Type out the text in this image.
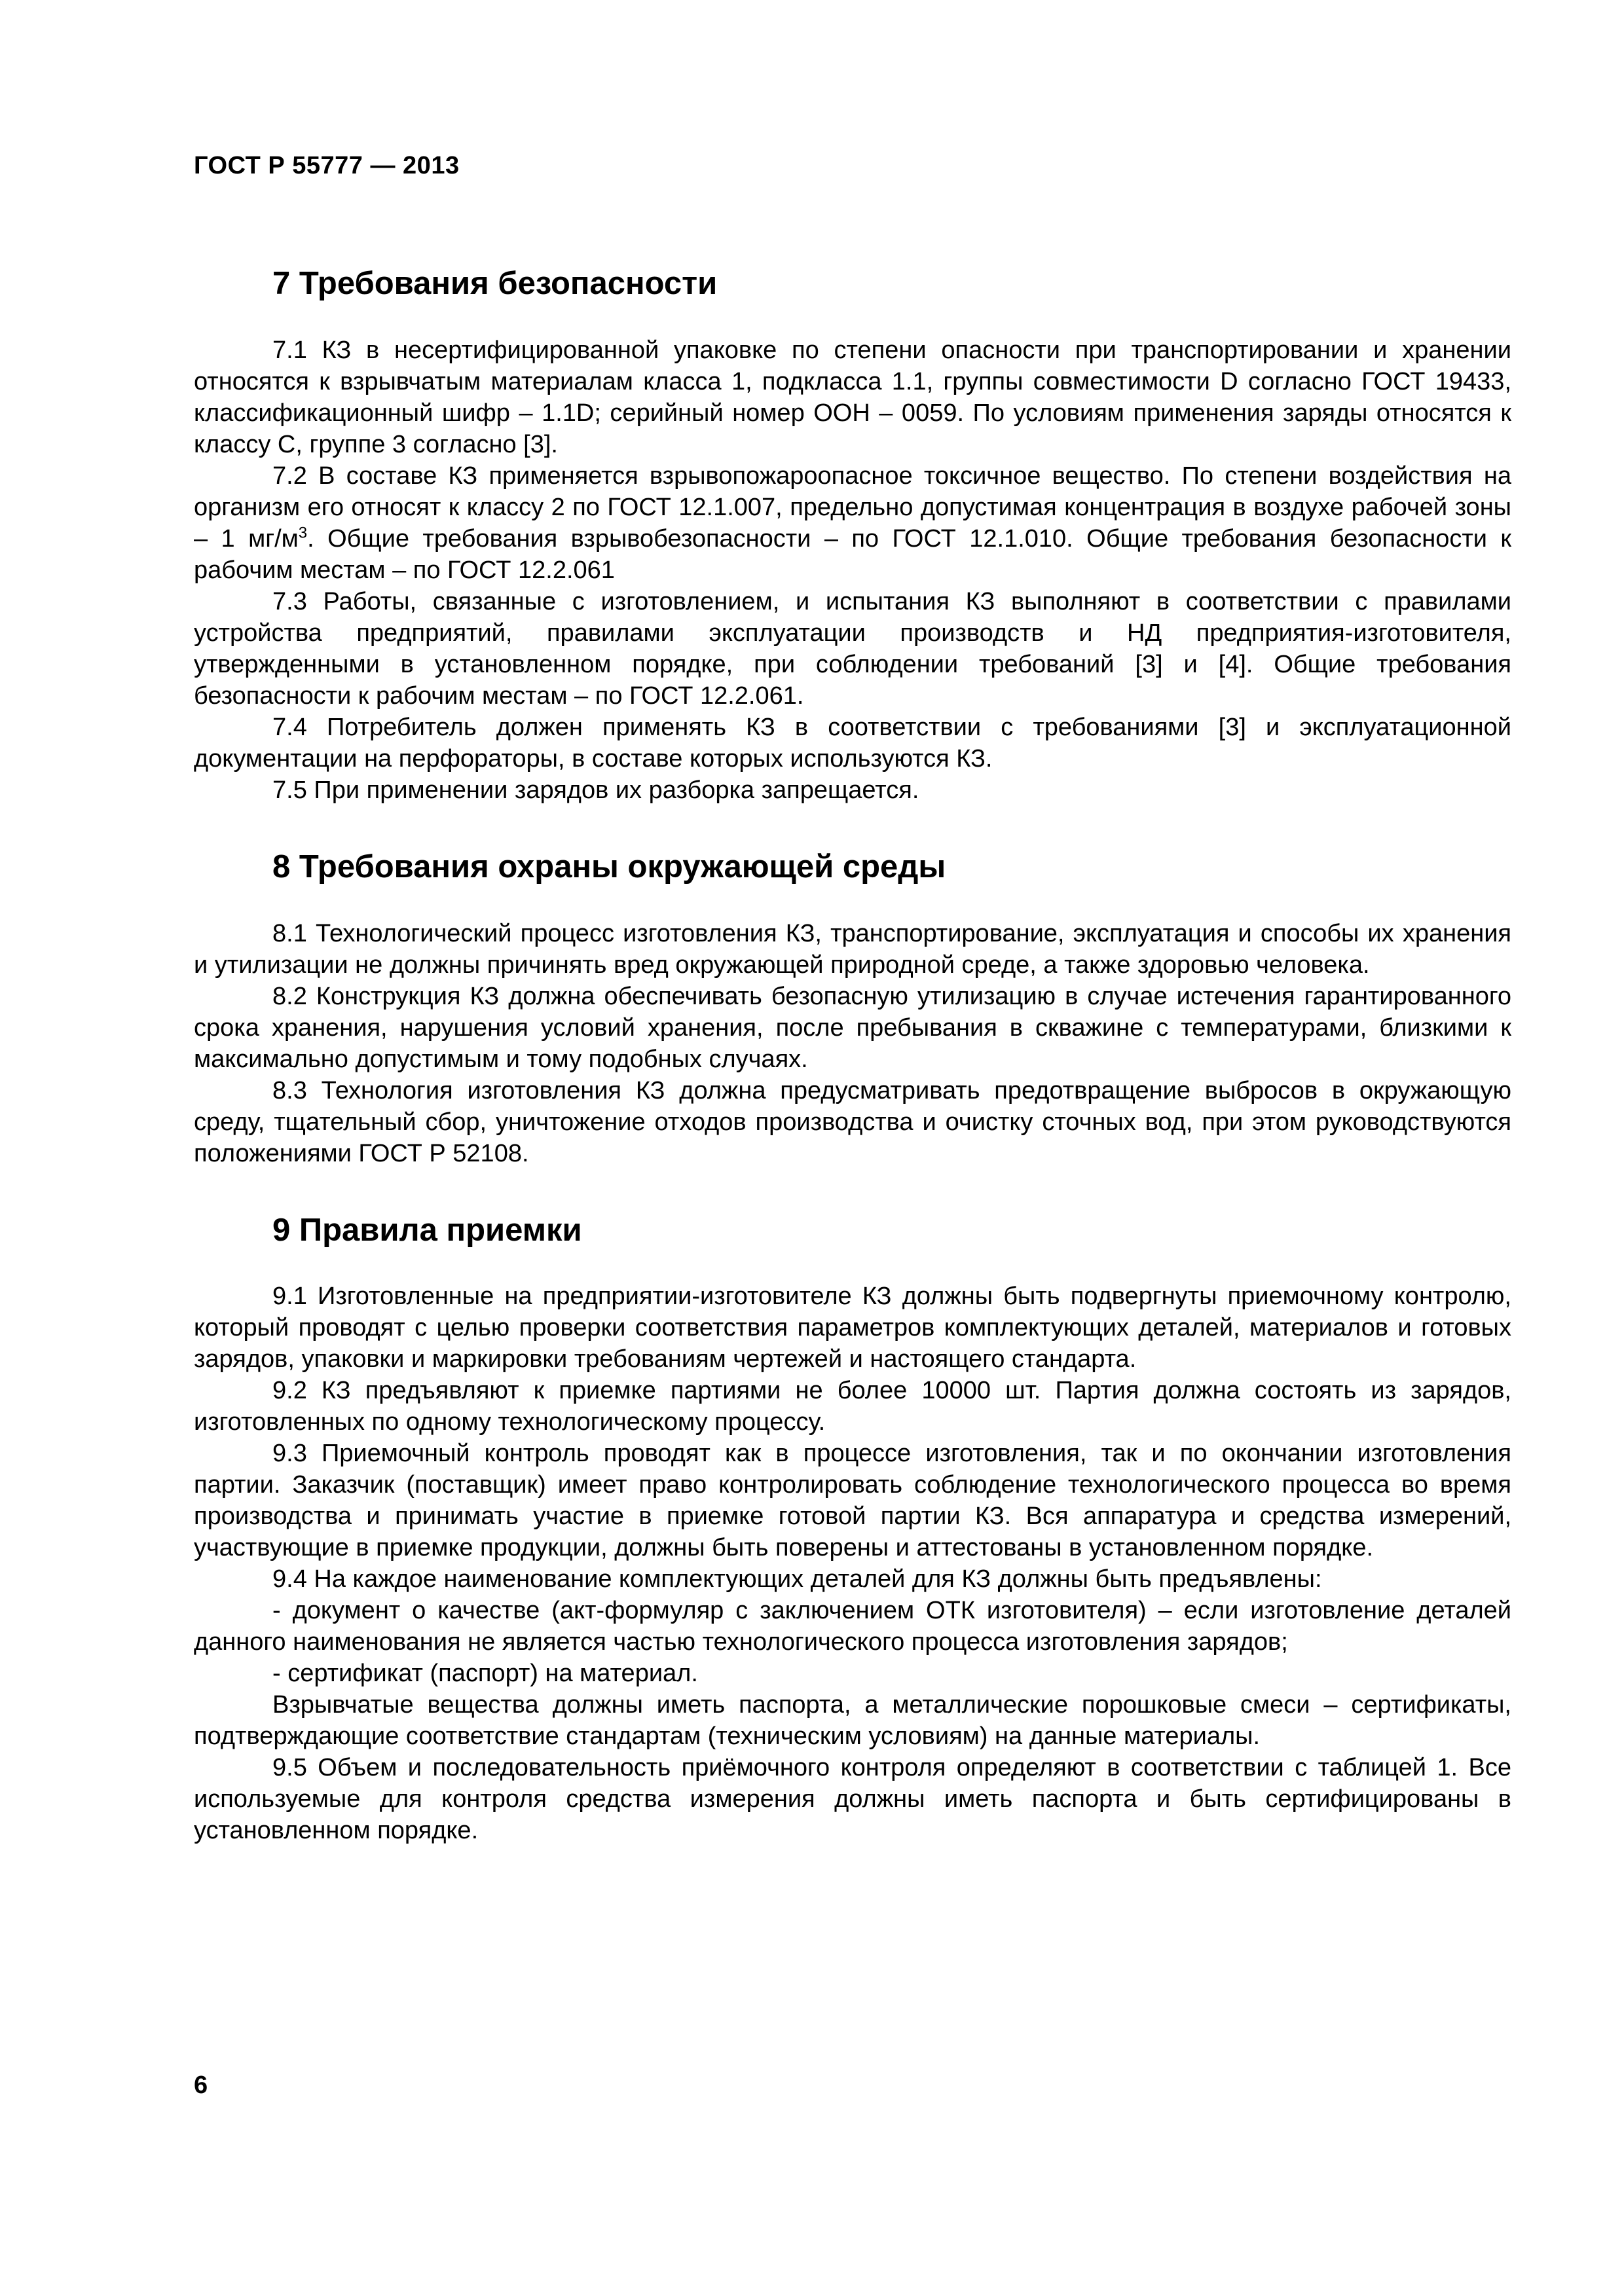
ГОСТ Р 55777 — 2013
7 Требования безопасности

7.1 КЗ в несертифицированной упаковке по степени опасности при транспортировании и хранении относятся к взрывчатым материалам класса 1, подкласса 1.1, группы совместимости D согласно ГОСТ 19433, классификационный шифр – 1.1D; серийный номер ООН – 0059. По условиям применения заряды относятся к классу С, группе 3 согласно [3].

7.2 В составе КЗ применяется взрывопожароопасное токсичное вещество. По степени воздействия на организм его относят к классу 2 по ГОСТ 12.1.007, предельно допустимая концентрация в воздухе рабочей зоны – 1 $мг/м^3$. Общие требования взрывобезопасности – по ГОСТ 12.1.010. Общие требования безопасности к рабочим местам – по ГОСТ 12.2.061

7.3 Работы, связанные с изготовлением, и испытания КЗ выполняют в соответствии с правилами устройства предприятий, правилами эксплуатации производств и НД предприятия-изготовителя, утвержденными в установленном порядке, при соблюдении требований [3] и [4]. Общие требования безопасности к рабочим местам – по ГОСТ 12.2.061.

7.4 Потребитель должен применять КЗ в соответствии с требованиями [3] и эксплуатационной документации на перфораторы, в составе которых используются КЗ.

7.5 При применении зарядов их разборка запрещается.

8 Требования охраны окружающей среды

8.1 Технологический процесс изготовления КЗ, транспортирование, эксплуатация и способы их хранения и утилизации не должны причинять вред окружающей природной среде, а также здоровью человека.

8.2 Конструкция КЗ должна обеспечивать безопасную утилизацию в случае истечения гарантированного срока хранения, нарушения условий хранения, после пребывания в скважине с температурами, близкими к максимально допустимым и тому подобных случаях.

8.3 Технология изготовления КЗ должна предусматривать предотвращение выбросов в окружающую среду, тщательный сбор, уничтожение отходов производства и очистку сточных вод, при этом руководствуются положениями ГОСТ Р 52108.

9 Правила приемки

9.1 Изготовленные на предприятии-изготовителе КЗ должны быть подвергнуты приемочному контролю, который проводят с целью проверки соответствия параметров комплектующих деталей, материалов и готовых зарядов, упаковки и маркировки требованиям чертежей и настоящего стандарта.

9.2 КЗ предъявляют к приемке партиями не более 10000 шт. Партия должна состоять из зарядов, изготовленных по одному технологическому процессу.

9.3 Приемочный контроль проводят как в процессе изготовления, так и по окончании изготовления партии. Заказчик (поставщик) имеет право контролировать соблюдение технологического процесса во время производства и принимать участие в приемке готовой партии КЗ. Вся аппаратура и средства измерений, участвующие в приемке продукции, должны быть поверены и аттестованы в установленном порядке.

9.4 На каждое наименование комплектующих деталей для КЗ должны быть предъявлены:

- документ о качестве (акт-формуляр с заключением ОТК изготовителя) – если изготовление деталей данного наименования не является частью технологического процесса изготовления зарядов;

- сертификат (паспорт) на материал.

Взрывчатые вещества должны иметь паспорта, а металлические порошковые смеси – сертификаты, подтверждающие соответствие стандартам (техническим условиям) на данные материалы.

9.5 Объем и последовательность приёмочного контроля определяют в соответствии с таблицей 1. Все используемые для контроля средства измерения должны иметь паспорта и быть сертифицированы в установленном порядке.

6
